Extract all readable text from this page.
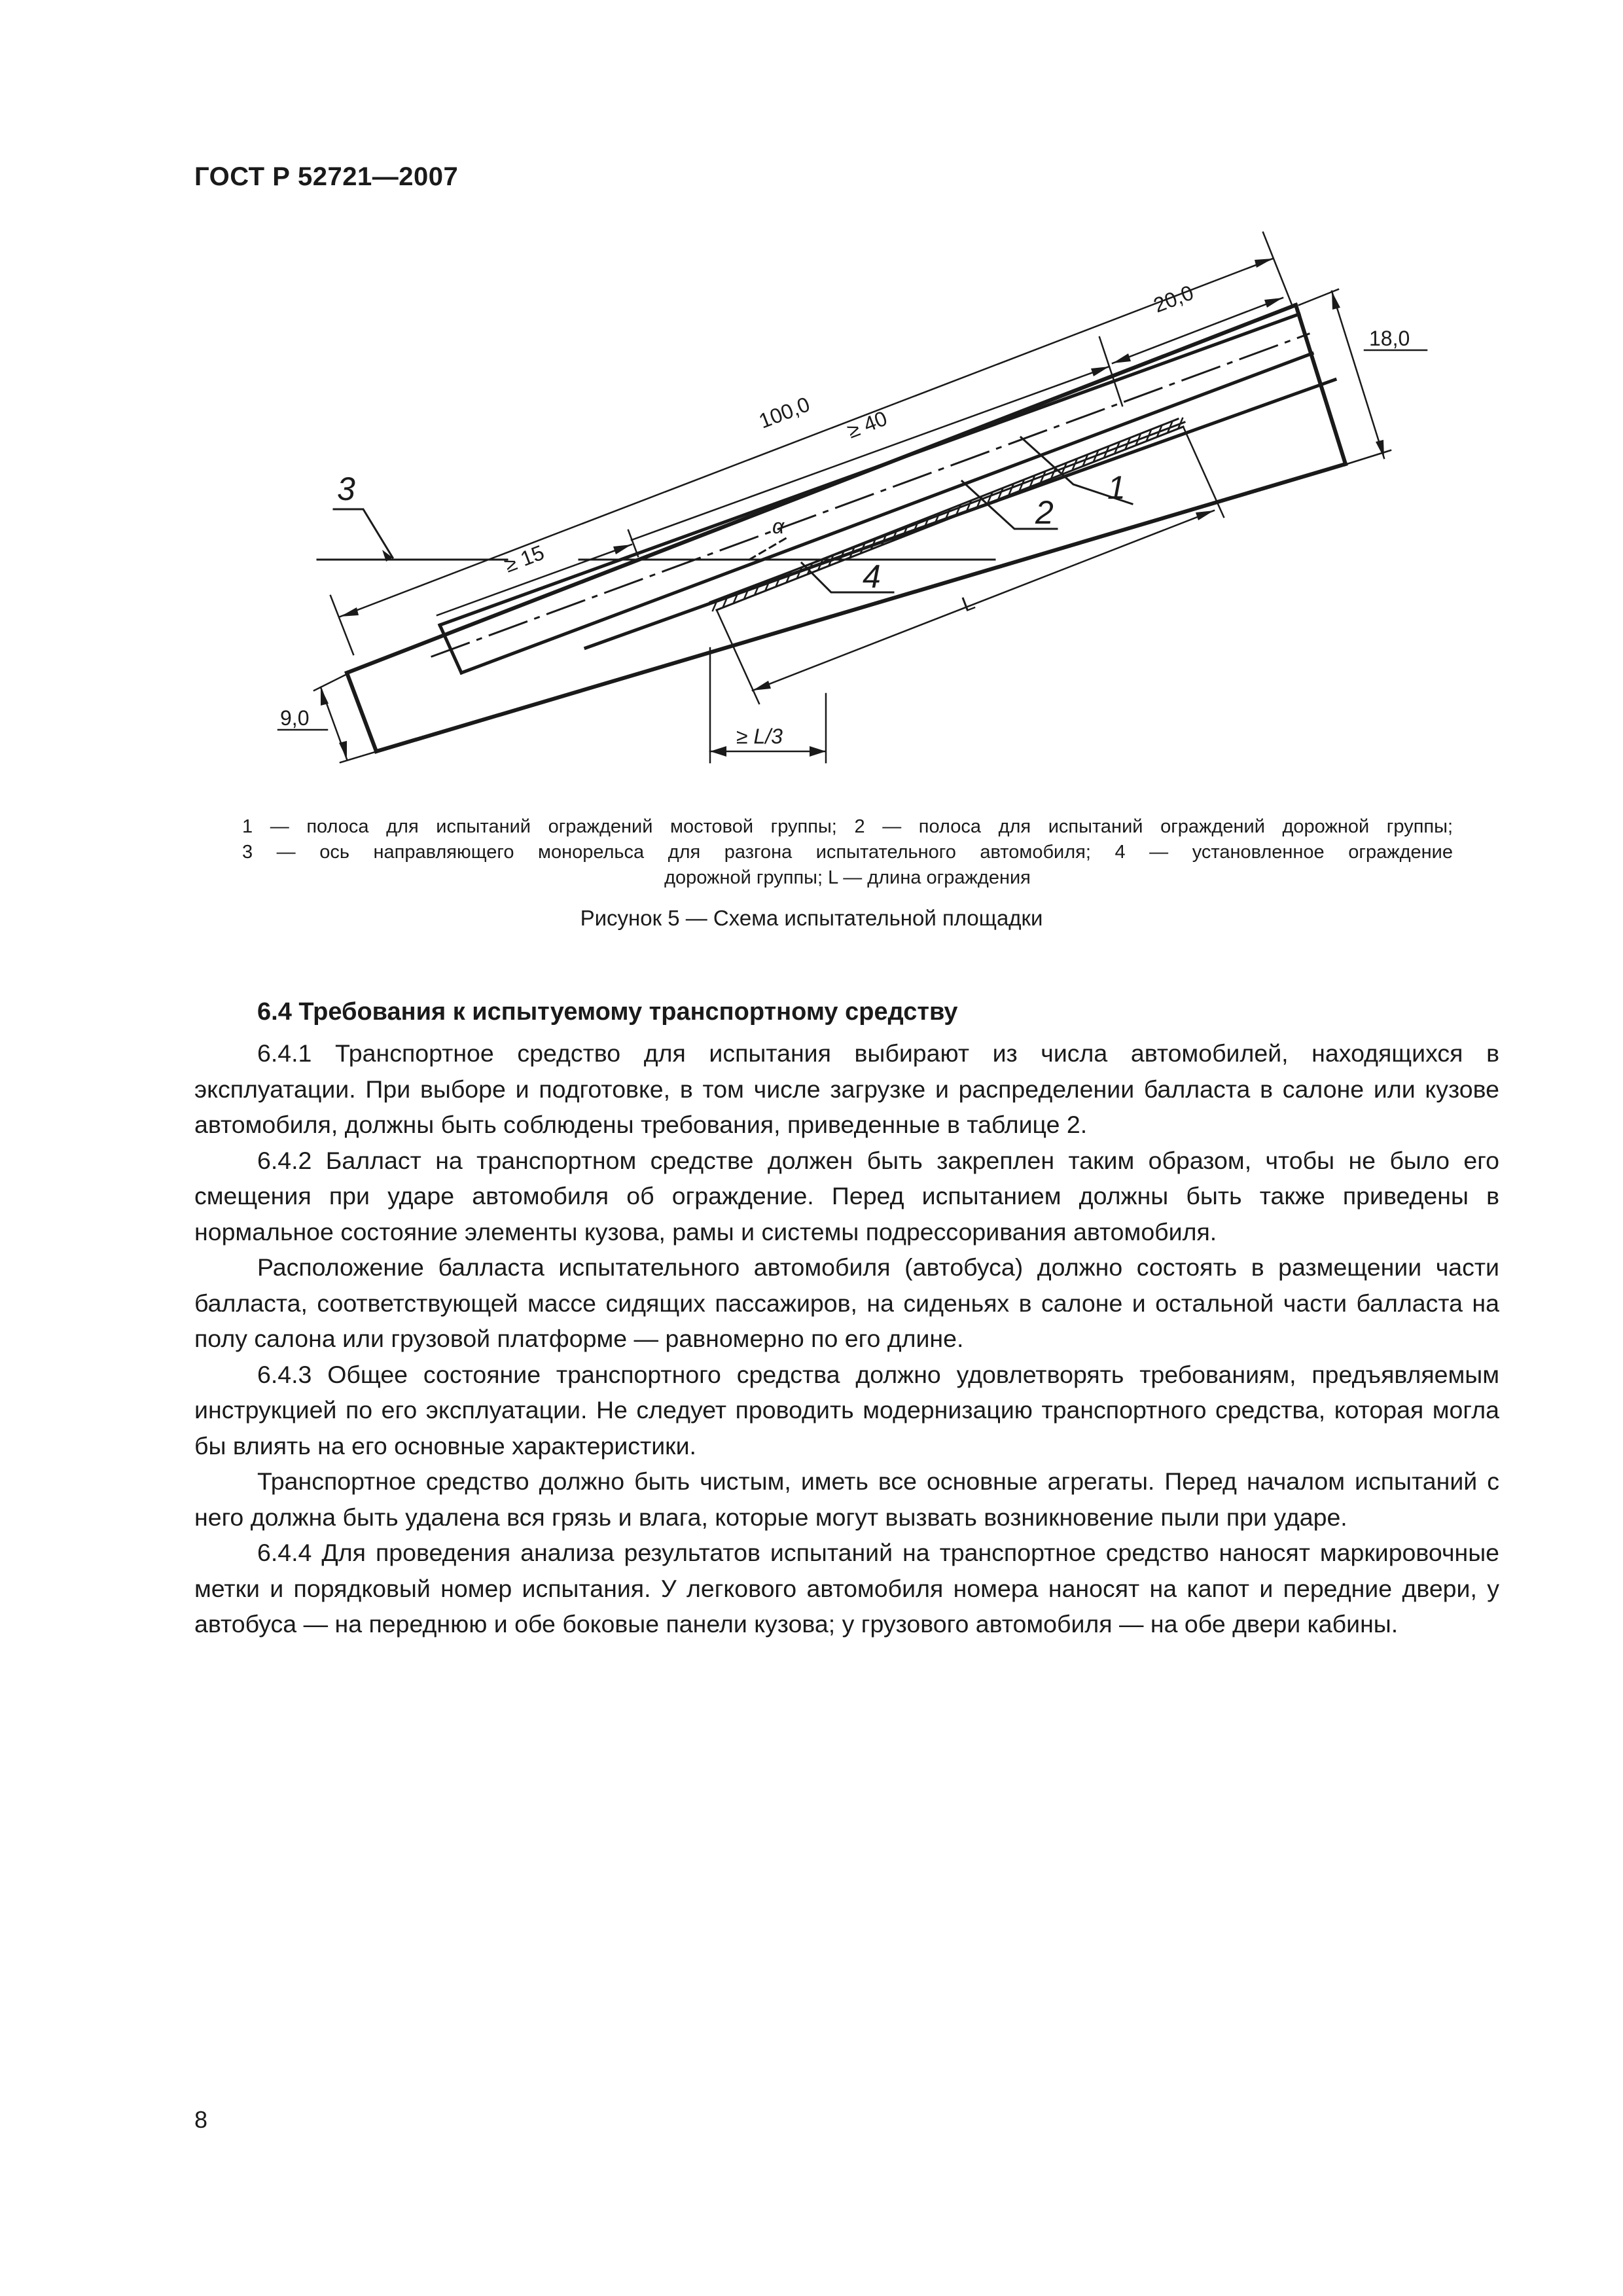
ГОСТ Р 52721—2007
100,0 ≥ 40
20,0
≥ 15
18,0
9,0
L
≥ L/3
α
3	1
2
4
1 — полоса для испытаний ограждений мостовой группы; 2 — полоса для испытаний ограждений дорожной группы;
3 — ось направляющего монорельса для разгона испытательного автомобиля; 4 — установленное ограждение
дорожной группы; L — длина ограждения
Рисунок 5 — Схема испытательной площадки
6.4 Требования к испытуемому транспортному средству

6.4.1 Транспортное средство для испытания выбирают из числа автомобилей, находящихся в эксплуатации. При выборе и подготовке, в том числе загрузке и распределении балласта в салоне или кузове автомобиля, должны быть соблюдены требования, приведенные в таблице 2.

6.4.2 Балласт на транспортном средстве должен быть закреплен таким образом, чтобы не было его смещения при ударе автомобиля об ограждение. Перед испытанием должны быть также приведены в нормальное состояние элементы кузова, рамы и системы подрессоривания автомобиля.

Расположение балласта испытательного автомобиля (автобуса) должно состоять в размещении части балласта, соответствующей массе сидящих пассажиров, на сиденьях в салоне и остальной части балласта на полу салона или грузовой платформе — равномерно по его длине.

6.4.3 Общее состояние транспортного средства должно удовлетворять требованиям, предъявляемым инструкцией по его эксплуатации. Не следует проводить модернизацию транспортного средства, которая могла бы влиять на его основные характеристики.

Транспортное средство должно быть чистым, иметь все основные агрегаты. Перед началом испытаний с него должна быть удалена вся грязь и влага, которые могут вызвать возникновение пыли при ударе.

6.4.4 Для проведения анализа результатов испытаний на транспортное средство наносят маркировочные метки и порядковый номер испытания. У легкового автомобиля номера наносят на капот и передние двери, у автобуса — на переднюю и обе боковые панели кузова; у грузового автомобиля — на обе двери кабины.

8
